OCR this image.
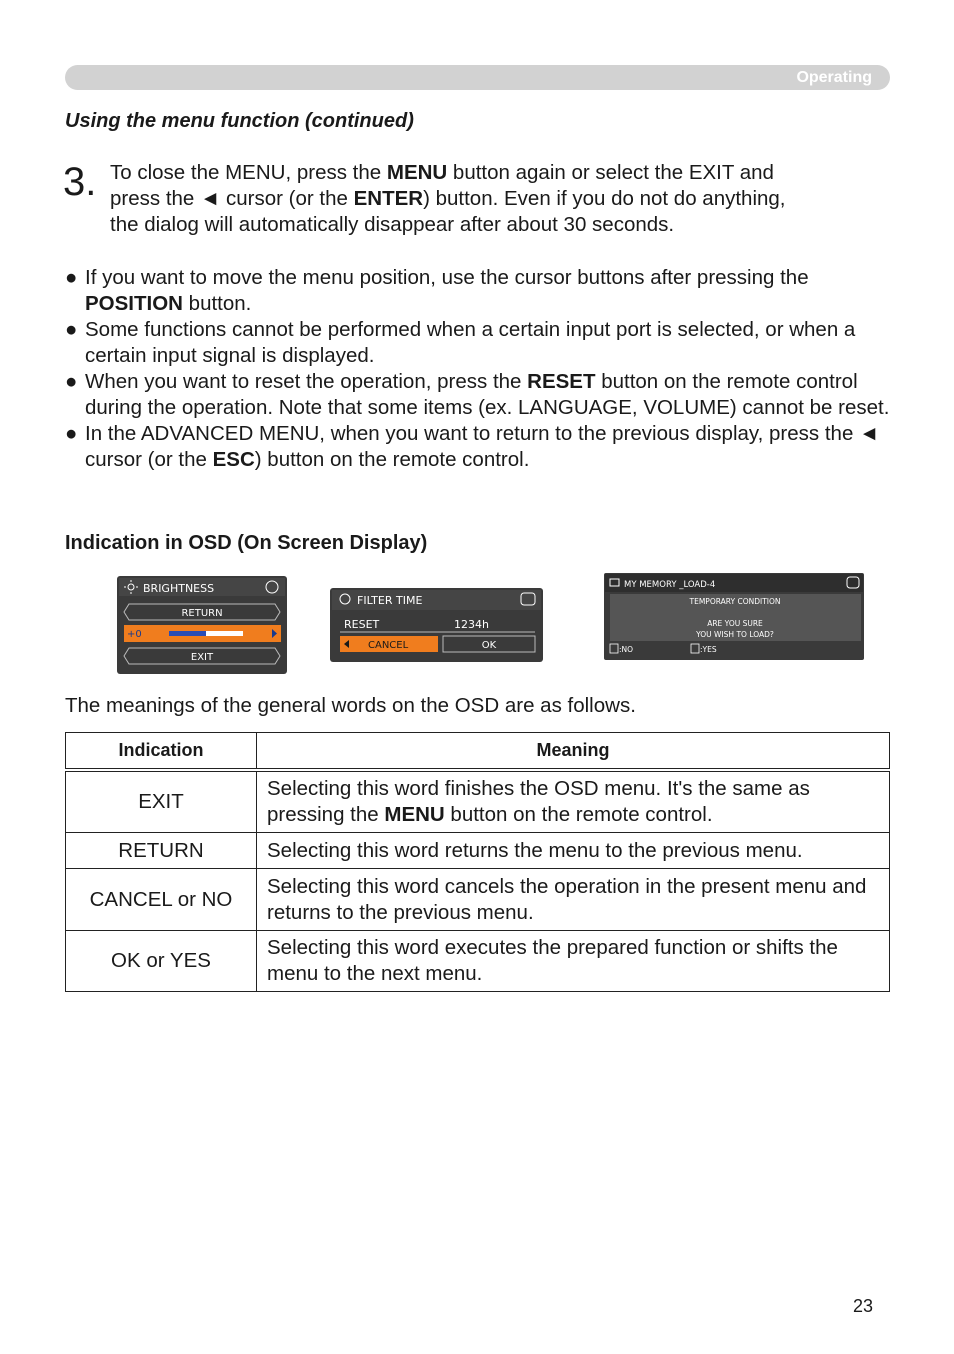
Operating
Using the menu function (continued)
3. To close the MENU, press the MENU button again or select the EXIT and
press the ◄ cursor (or the ENTER) button. Even if you do not do anything,
the dialog will automatically disappear after about 30 seconds.

● If you want to move the menu position, use the cursor buttons after pressing the
POSITION button.

● Some functions cannot be performed when a certain input port is selected, or when a certain input signal is displayed.

● When you want to reset the operation, press the RESET button on the remote control during the operation. Note that some items (ex. LANGUAGE, VOLUME) cannot be reset.

● In the ADVANCED MENU, when you want to return to the previous display, press the ◄ cursor (or the ESC) button on the remote control.

Indication in OSD (On Screen Display)
BRIGHTNESS
RETURN
+0
EXIT
FILTER TIME
RESET	1234h
CANCEL	OK
MY MEMORY _LOAD-4
TEMPORARY CONDITION
ARE YOU SURE
YOU WISH TO LOAD?
:NO	:YES
The meanings of the general words on the OSD are as follows.
Indication	Meaning
EXIT	Selecting this word finishes the OSD menu. It's the same as pressing the MENU button on the remote control.
RETURN	Selecting this word returns the menu to the previous menu.
CANCEL or NO	Selecting this word cancels the operation in the present menu and returns to the previous menu.
OK or YES	Selecting this word executes the prepared function or shifts the menu to the next menu.
23
